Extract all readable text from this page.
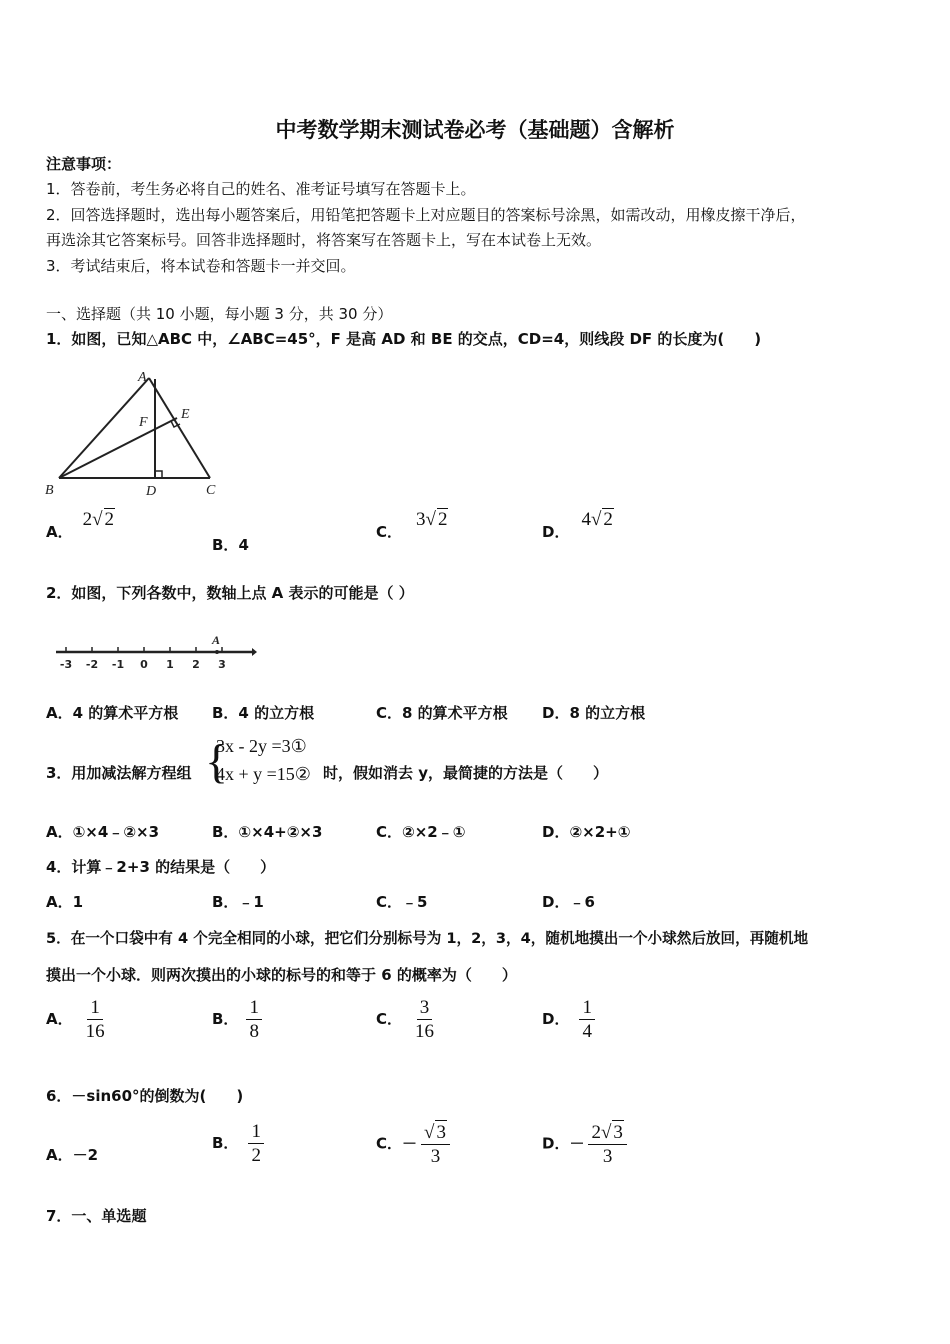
中考数学期末测试卷必考（基础题）含解析
注意事项：
1．答卷前，考生务必将自己的姓名、准考证号填写在答题卡上。
2．回答选择题时，选出每小题答案后，用铅笔把答题卡上对应题目的答案标号涂黑，如需改动，用橡皮擦干净后，
再选涂其它答案标号。回答非选择题时，将答案写在答题卡上，写在本试卷上无效。
3．考试结束后，将本试卷和答题卡一并交回。
一、选择题（共 10 小题，每小题 3 分，共 30 分）
1．如图，已知△ABC 中，∠ABC=45°，F 是高 AD 和 BE 的交点，CD=4，则线段 DF 的长度为(　　)
A
B	C
D
E
F
A．2√ 2
B．4
C．3√ 2
D．4√ 2
2．如图，下列各数中，数轴上点 A 表示的可能是（ ）
A
-3 -2 -1 0 1 2 3
A．4 的算术平方根 B．4 的立方根	C．8 的算术平方根 D．8 的立方根
3．用加减法解方程组 {
3x - 2y =3①
4x + y =15② 时，假如消去 y，最简捷的方法是（　　）
A．①×4﹣②×3	B．①×4+②×3	C．②×2﹣①	D．②×2+①
4．计算﹣2+3 的结果是（　　）
A．1	B．﹣1	C．﹣5	D．﹣6
5．在一个口袋中有 4 个完全相同的小球，把它们分别标号为 1，2，3，4，随机地摸出一个小球然后放回，再随机地
摸出一个小球．则两次摸出的小球的标号的和等于 6 的概率为（　　）
A． $\frac{1}{16}$	B． $\frac{1}{8}$	C． $\frac{3}{16}$	D． $\frac{1}{4}$
6．－sin60°的倒数为(　　)
A．－2
B． $\frac{1}{2}$	C．－ $\frac{√ 3}{3}$	D．－ $\frac{2√ 3}{3}$
7．一、单选题
